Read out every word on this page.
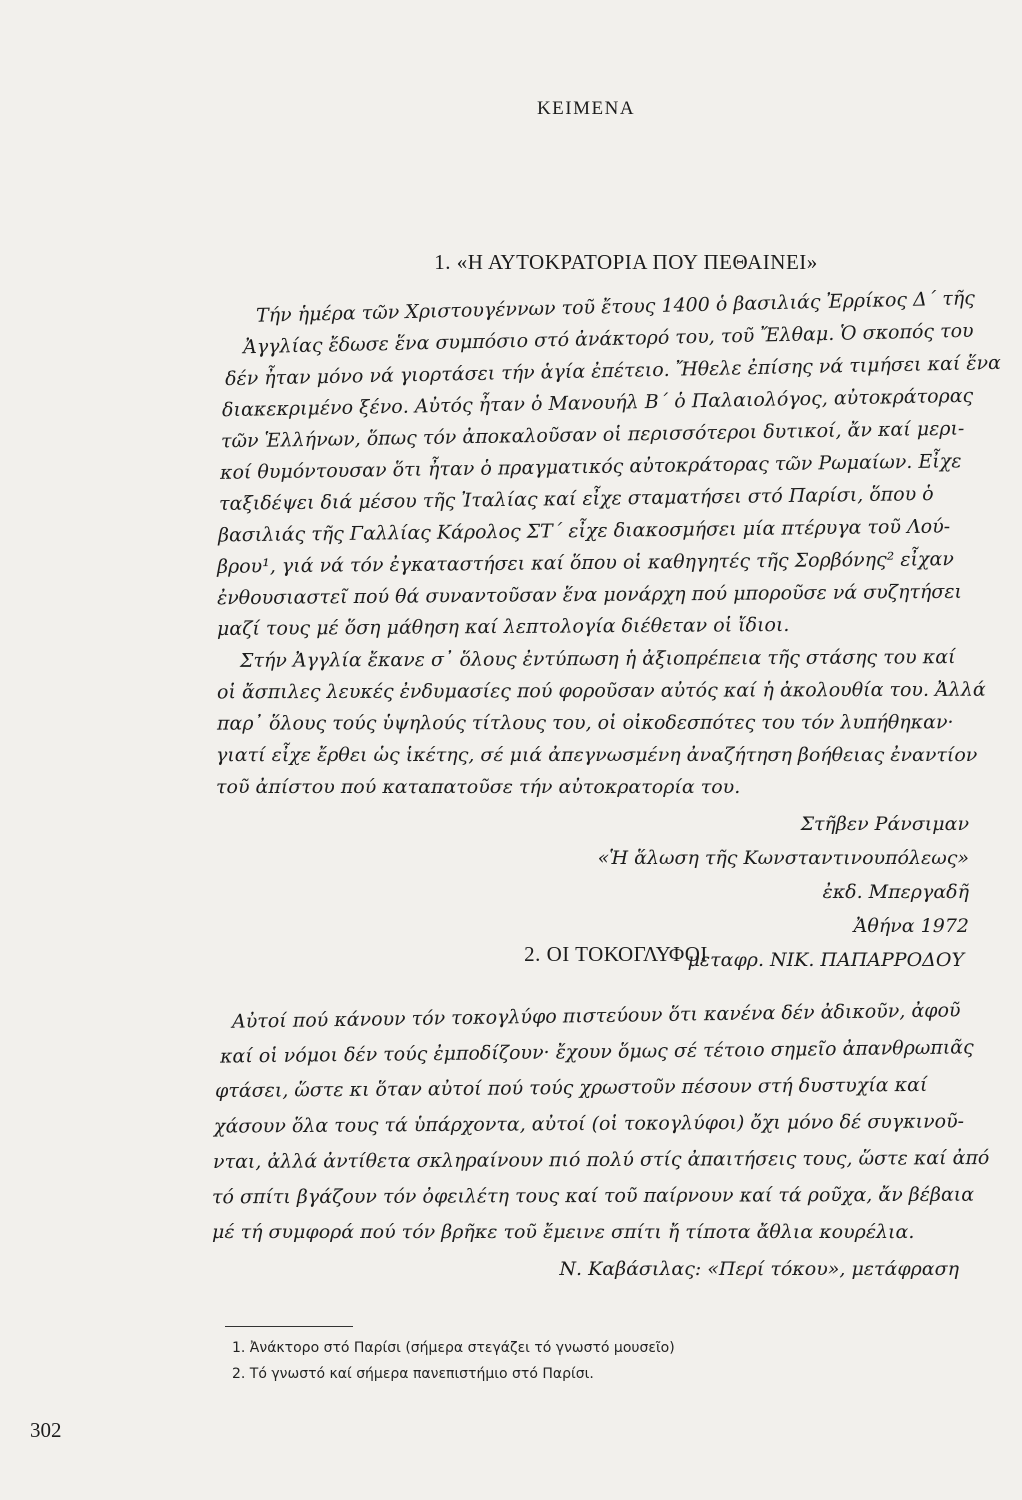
ΚΕΙΜΕΝΑ
1. «Η ΑΥΤΟΚΡΑΤΟΡΙΑ ΠΟΥ ΠΕΘΑΙΝΕΙ»
Τήν ἡμέρα τῶν Χριστουγέννων τοῦ ἔτους 1400 ὁ βασιλιάς Ἐρρίκος Δ΄ τῆς
Ἀγγλίας ἔδωσε ἕνα συμπόσιο στό ἀνάκτορό του, τοῦ Ἔλθαμ. Ὁ σκοπός του
δέν ἦταν μόνο νά γιορτάσει τήν ἁγία ἐπέτειο. Ἤθελε ἐπίσης νά τιμήσει καί ἕνα
διακεκριμένο ξένο. Αὐτός ἦταν ὁ Μανουήλ Β΄ ὁ Παλαιολόγος, αὐτοκράτορας
τῶν Ἑλλήνων, ὅπως τόν ἀποκαλοῦσαν οἱ περισσότεροι δυτικοί, ἄν καί μερι-
κοί θυμόντουσαν ὅτι ἦταν ὁ πραγματικός αὐτοκράτορας τῶν Ρωμαίων. Εἶχε
ταξιδέψει διά μέσου τῆς Ἰταλίας καί εἶχε σταματήσει στό Παρίσι, ὅπου ὁ
βασιλιάς τῆς Γαλλίας Κάρολος ΣΤ΄ εἶχε διακοσμήσει μία πτέρυγα τοῦ Λού-
βρου¹, γιά νά τόν ἐγκαταστήσει καί ὅπου οἱ καθηγητές τῆς Σορβόνης² εἶχαν
ἐνθουσιαστεῖ πού θά συναντοῦσαν ἕνα μονάρχη πού μποροῦσε νά συζητήσει
μαζί τους μέ ὅση μάθηση καί λεπτολογία διέθεταν οἱ ἴδιοι.
Στήν Ἀγγλία ἔκανε σ᾽ ὅλους ἐντύπωση ἡ ἀξιοπρέπεια τῆς στάσης του καί
οἱ ἄσπιλες λευκές ἐνδυμασίες πού φοροῦσαν αὐτός καί ἡ ἀκολουθία του. Ἀλλά
παρ᾽ ὅλους τούς ὑψηλούς τίτλους του, οἱ οἰκοδεσπότες του τόν λυπήθηκαν·
γιατί εἶχε ἔρθει ὡς ἱκέτης, σέ μιά ἀπεγνωσμένη ἀναζήτηση βοήθειας ἐναντίον
τοῦ ἀπίστου πού καταπατοῦσε τήν αὐτοκρατορία του.
Στῆβεν Ράνσιμαν
«Ἡ ἅλωση τῆς Κωνσταντινουπόλεως»
ἐκδ. Μπεργαδῆ
Ἀθήνα 1972
μεταφρ. ΝΙΚ. ΠΑΠΑΡΡΟΔΟΥ
2. ΟΙ ΤΟΚΟΓΛΥΦΟΙ
Αὐτοί πού κάνουν τόν τοκογλύφο πιστεύουν ὅτι κανένα δέν ἀδικοῦν, ἀφοῦ
καί οἱ νόμοι δέν τούς ἐμποδίζουν· ἔχουν ὅμως σέ τέτοιο σημεῖο ἀπανθρωπιᾶς
φτάσει, ὥστε κι ὅταν αὐτοί πού τούς χρωστοῦν πέσουν στή δυστυχία καί
χάσουν ὅλα τους τά ὑπάρχοντα, αὐτοί (οἱ τοκογλύφοι) ὄχι μόνο δέ συγκινοῦ-
νται, ἀλλά ἀντίθετα σκληραίνουν πιό πολύ στίς ἀπαιτήσεις τους, ὥστε καί ἀπό
τό σπίτι βγάζουν τόν ὀφειλέτη τους καί τοῦ παίρνουν καί τά ροῦχα, ἄν βέβαια
μέ τή συμφορά πού τόν βρῆκε τοῦ ἔμεινε σπίτι ἤ τίποτα ἄθλια κουρέλια.
Ν. Καβάσιλας: «Περί τόκου», μετάφραση
1. Ἀνάκτορο στό Παρίσι (σήμερα στεγάζει τό γνωστό μουσεῖο)
2. Τό γνωστό καί σήμερα πανεπιστήμιο στό Παρίσι.
302
